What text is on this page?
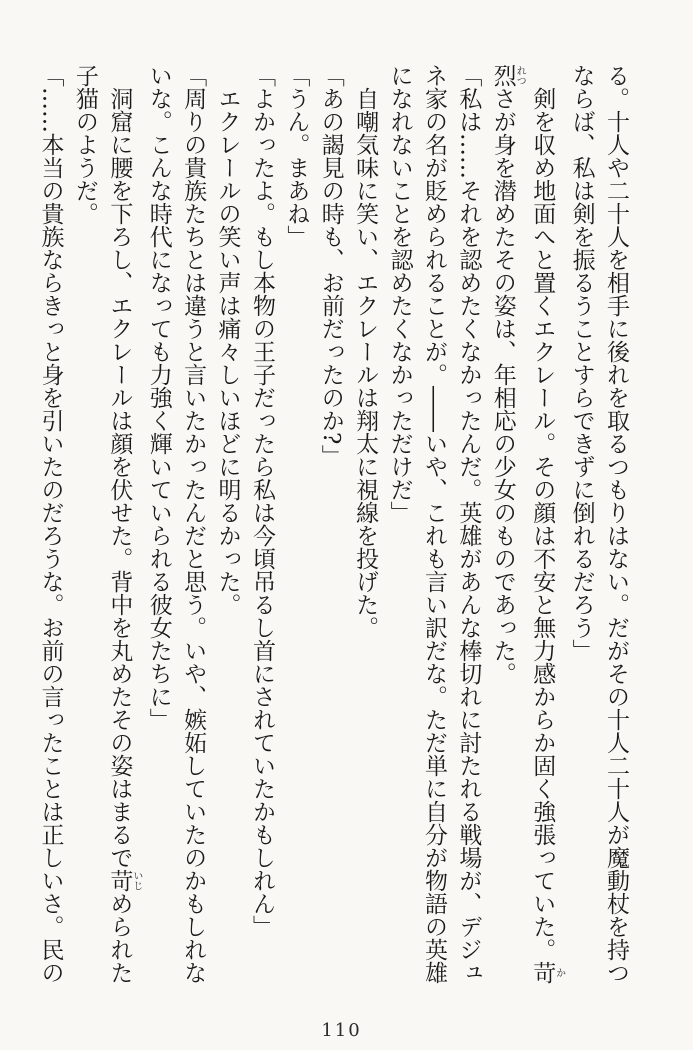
る。十人や二十人を相手に後れを取るつもりはない。だがその十人二十人が魔動杖を持つ

ならば、私は剣を振るうことすらできずに倒れるだろう」

　剣を収め地面へと置くエクレール。その顔は不安と無力感からか固く強張っていた。苛か

烈れつさが身を潜めたその姿は、年相応の少女のものであった。

「私は……それを認めたくなかったんだ。英雄があんな棒切れに討たれる戦場が、デジュ

ネ家の名が貶められることが。――いや、これも言い訳だな。ただ単に自分が物語の英雄

になれないことを認めたくなかっただけだ」

　自嘲気味に笑い、エクレールは翔太に視線を投げた。

「あの謁見の時も、お前だったのか?」

「うん。まあね」

「よかったよ。もし本物の王子だったら私は今頃吊るし首にされていたかもしれん」

　エクレールの笑い声は痛々しいほどに明るかった。

「周りの貴族たちとは違うと言いたかったんだと思う。いや、嫉妬していたのかもしれな

いな。こんな時代になっても力強く輝いていられる彼女たちに」

　洞窟に腰を下ろし、エクレールは顔を伏せた。背中を丸めたその姿はまるで苛いじめられた

子猫のようだ。

「……本当の貴族ならきっと身を引いたのだろうな。お前の言ったことは正しいさ。民の

110
